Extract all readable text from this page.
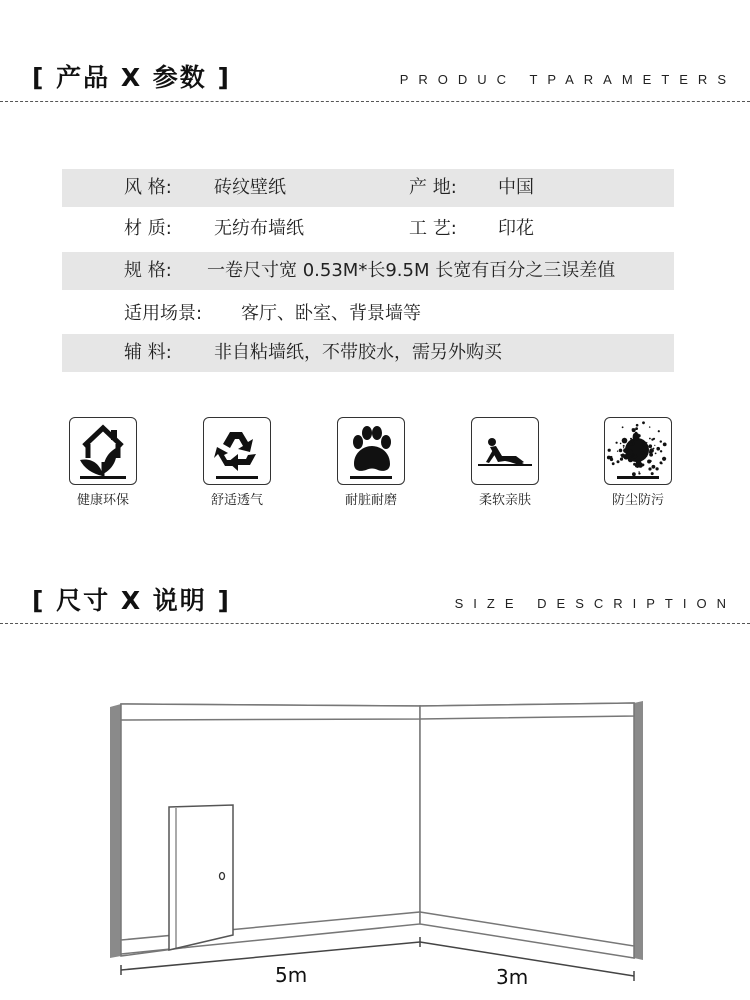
[ 产品 X 参数 ]	PRODUC TPARAMETERS
风 格: 砖纹壁纸	产 地: 中国
材 质: 无纺布墙纸	工 艺: 印花
规 格: 一卷尺寸宽 0.53M*长9.5M 长宽有百分之三误差值
适用场景: 客厅、卧室、背景墙等
辅 料: 非自粘墙纸，不带胶水，需另外购买
健康环保	舒适透气	耐脏耐磨	柔软亲肤	防尘防污
[ 尺寸 X 说明 ]	SIZE DESCRIPTION
5m	3m
